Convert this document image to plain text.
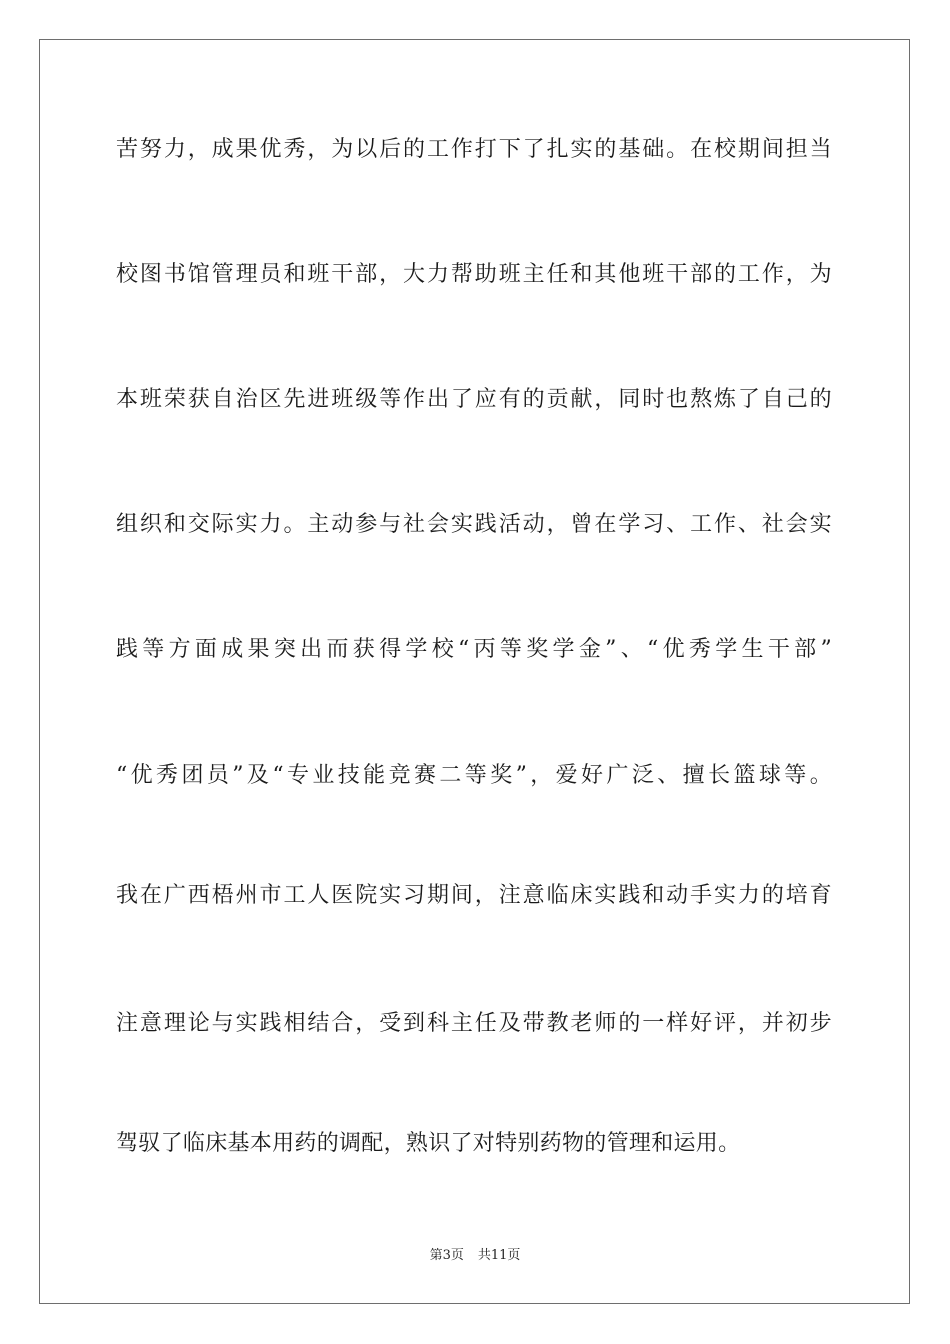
苦努力，成果优秀，为以后的工作打下了扎实的基础。在校期间担当
校图书馆管理员和班干部，大力帮助班主任和其他班干部的工作，为
本班荣获自治区先进班级等作出了应有的贡献，同时也熬炼了自己的
组织和交际实力。主动参与社会实践活动，曾在学习、工作、社会实
践等方面成果突出而获得学校“丙等奖学金”、“优秀学生干部”
“优秀团员”及“专业技能竞赛二等奖”，爱好广泛、擅长篮球等。
我在广西梧州市工人医院实习期间，注意临床实践和动手实力的培育
注意理论与实践相结合，受到科主任及带教老师的一样好评，并初步
驾驭了临床基本用药的调配，熟识了对特别药物的管理和运用。
第3页 共11页
